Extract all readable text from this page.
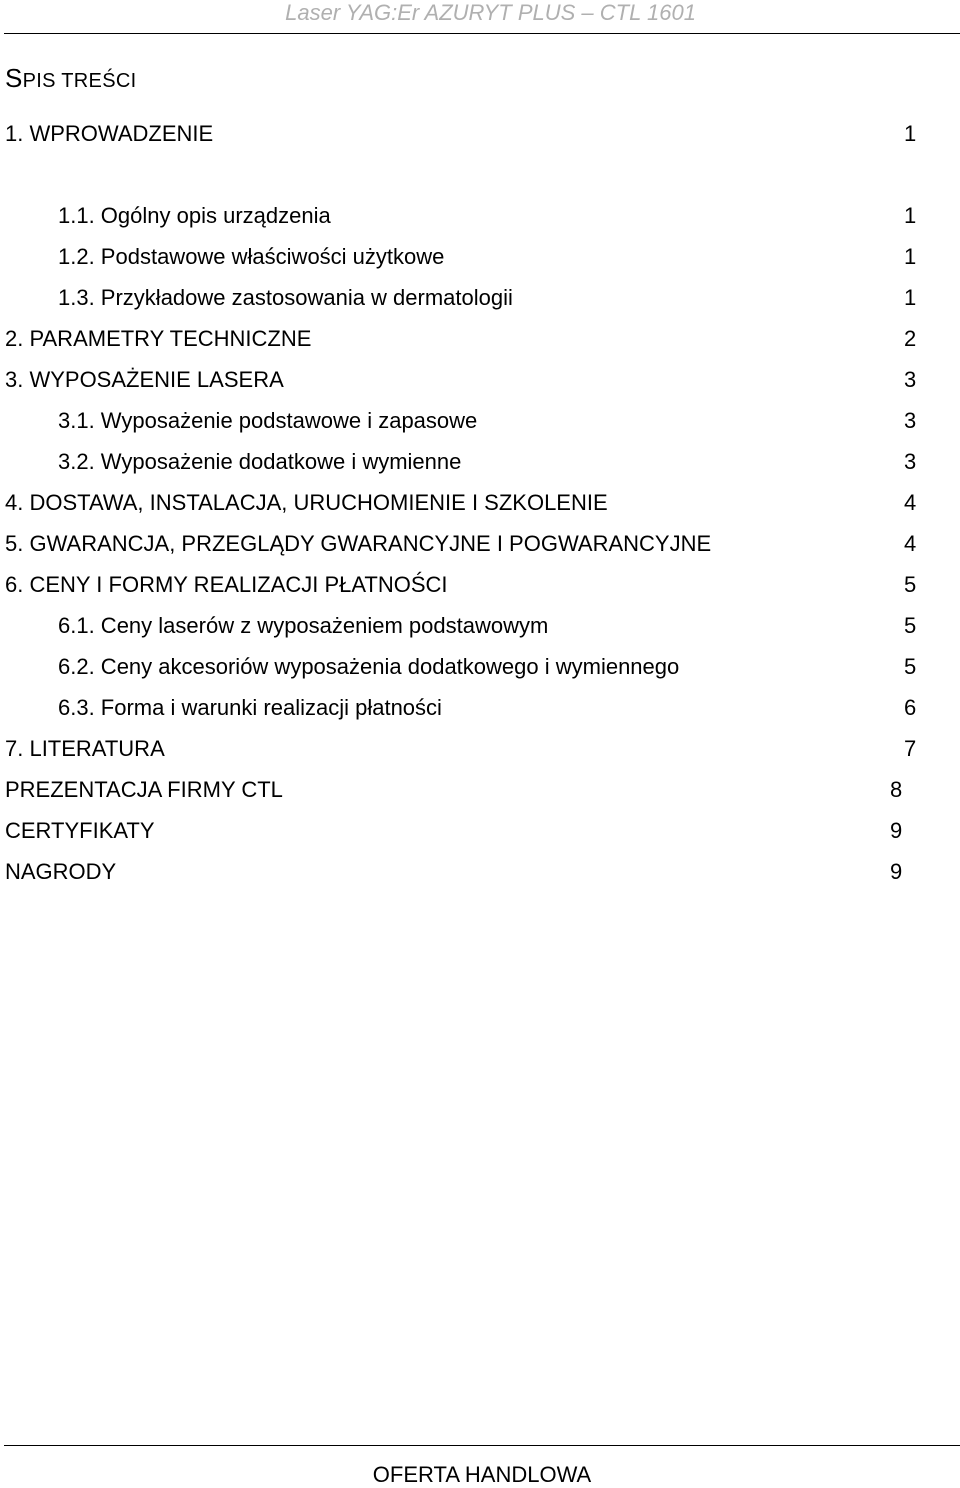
Laser YAG:Er AZURYT PLUS – CTL 1601
SPIS TREŚCI
1. WPROWADZENIE	1
1.1. Ogólny opis urządzenia	1
1.2. Podstawowe właściwości użytkowe	1
1.3. Przykładowe zastosowania w dermatologii	1
2. PARAMETRY TECHNICZNE	2
3. WYPOSAŻENIE LASERA	3
3.1. Wyposażenie podstawowe i zapasowe	3
3.2. Wyposażenie dodatkowe i wymienne	3
4. DOSTAWA, INSTALACJA, URUCHOMIENIE I SZKOLENIE	4
5. GWARANCJA, PRZEGLĄDY GWARANCYJNE I POGWARANCYJNE	4
6. CENY I FORMY REALIZACJI PŁATNOŚCI	5
6.1. Ceny laserów z wyposażeniem podstawowym	5
6.2. Ceny akcesoriów wyposażenia dodatkowego i wymiennego	5
6.3. Forma i warunki realizacji płatności	6
7. LITERATURA	7
PREZENTACJA FIRMY CTL	8
CERTYFIKATY	9
NAGRODY	9
OFERTA HANDLOWA
